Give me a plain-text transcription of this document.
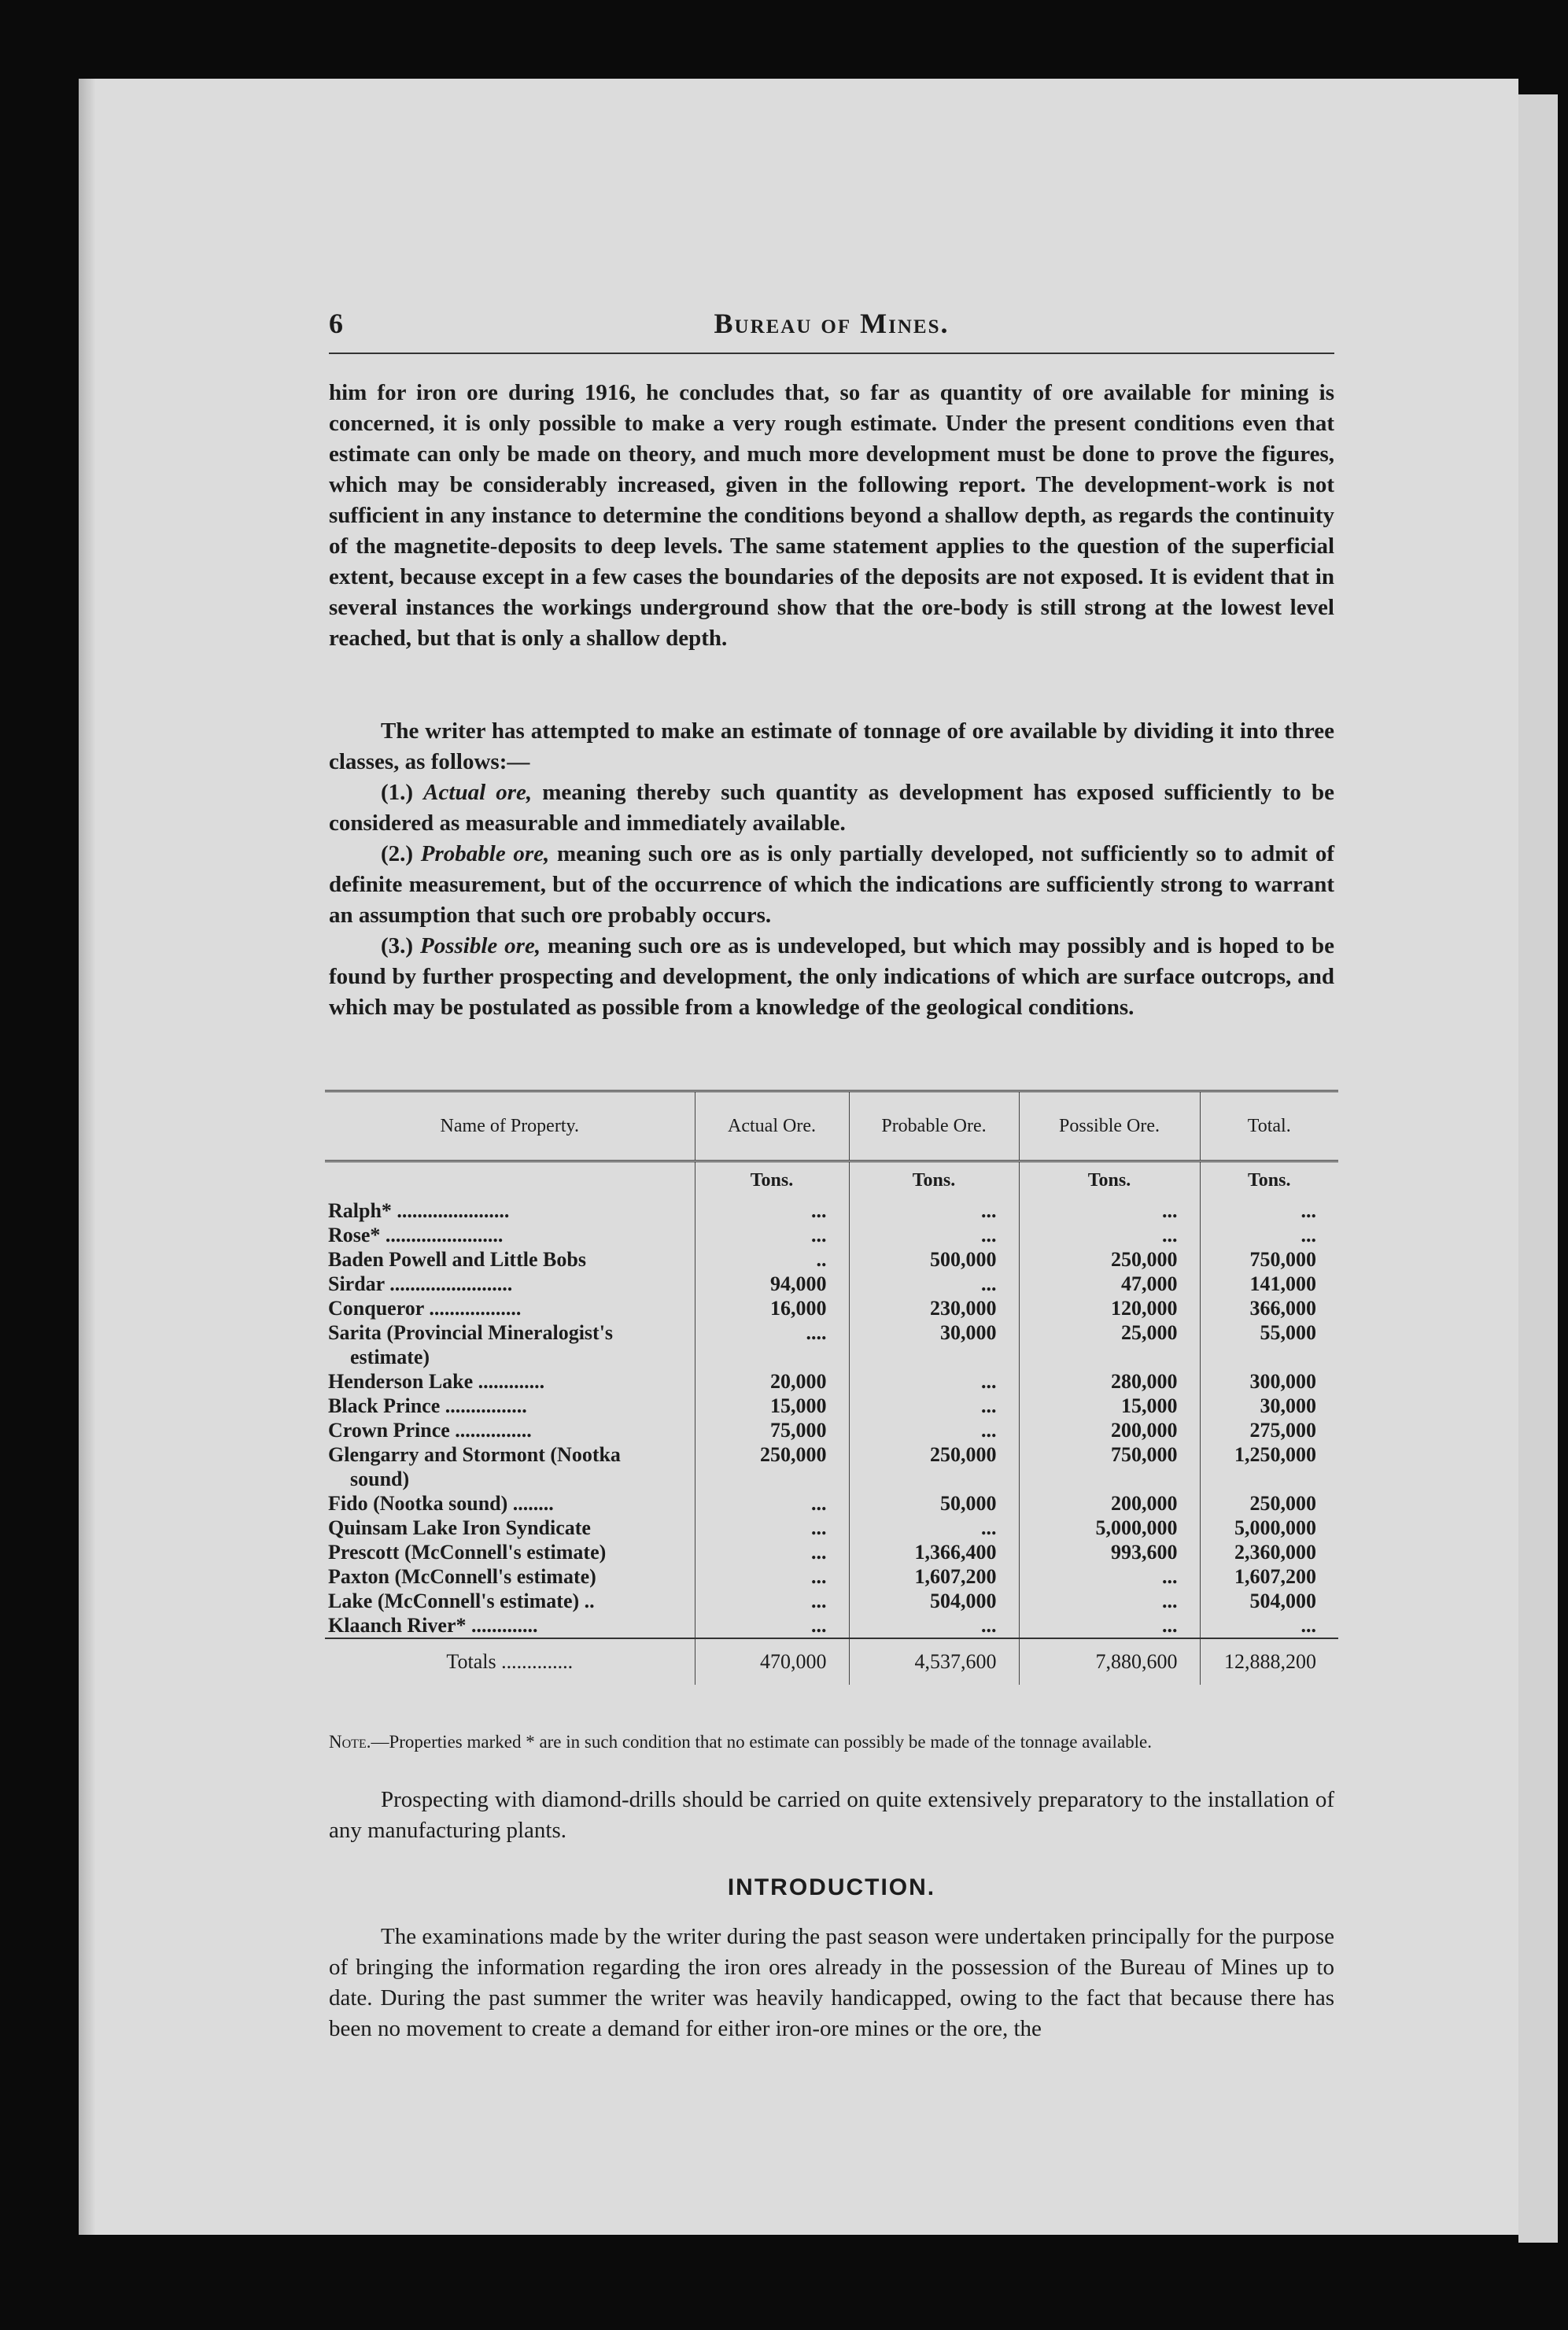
6	Bureau of Mines.

him for iron ore during 1916, he concludes that, so far as quantity of ore available for mining is concerned, it is only possible to make a very rough estimate. Under the present conditions even that estimate can only be made on theory, and much more development must be done to prove the figures, which may be considerably increased, given in the following report. The development-work is not sufficient in any instance to determine the conditions beyond a shallow depth, as regards the continuity of the magnetite-deposits to deep levels. The same statement applies to the question of the superficial extent, because except in a few cases the boundaries of the deposits are not exposed. It is evident that in several instances the workings underground show that the ore-body is still strong at the lowest level reached, but that is only a shallow depth.

The writer has attempted to make an estimate of tonnage of ore available by dividing it into three classes, as follows:—

(1.) Actual ore, meaning thereby such quantity as development has exposed sufficiently to be considered as measurable and immediately available.

(2.) Probable ore, meaning such ore as is only partially developed, not sufficiently so to admit of definite measurement, but of the occurrence of which the indications are sufficiently strong to warrant an assumption that such ore probably occurs.

(3.) Possible ore, meaning such ore as is undeveloped, but which may possibly and is hoped to be found by further prospecting and development, the only indications of which are surface outcrops, and which may be postulated as possible from a knowledge of the geological conditions.

Name of Property.	Actual Ore.	Probable Ore.	Possible Ore.	Total.
	Tons.	Tons.	Tons.	Tons.
Ralph* ......................	...	...	...	...
Rose* .......................	...	...	...	...
Baden Powell and Little Bobs	..	500,000	250,000	750,000
Sirdar ........................	94,000	...	47,000	141,000
Conqueror ..................	16,000	230,000	120,000	366,000
Sarita (Provincial Mineralogist's
estimate)	....	30,000	25,000	55,000
Henderson Lake .............	20,000	...	280,000	300,000
Black Prince ................	15,000	...	15,000	30,000
Crown Prince ...............	75,000	...	200,000	275,000
Glengarry and Stormont (Nootka
sound)	250,000	250,000	750,000	1,250,000
Fido (Nootka sound) ........	...	50,000	200,000	250,000
Quinsam Lake Iron Syndicate	...	...	5,000,000	5,000,000
Prescott (McConnell's estimate)	...	1,366,400	993,600	2,360,000
Paxton (McConnell's estimate)	...	1,607,200	...	1,607,200
Lake (McConnell's estimate) ..	...	504,000	...	504,000
Klaanch River* .............	...	...	...	...
Totals ..............	470,000	4,537,600	7,880,600	12,888,200

Note.—Properties marked * are in such condition that no estimate can possibly be made of the tonnage available.

Prospecting with diamond-drills should be carried on quite extensively preparatory to the installation of any manufacturing plants.

INTRODUCTION.

The examinations made by the writer during the past season were undertaken principally for the purpose of bringing the information regarding the iron ores already in the possession of the Bureau of Mines up to date. During the past summer the writer was heavily handicapped, owing to the fact that because there has been no movement to create a demand for either iron-ore mines or the ore, the
